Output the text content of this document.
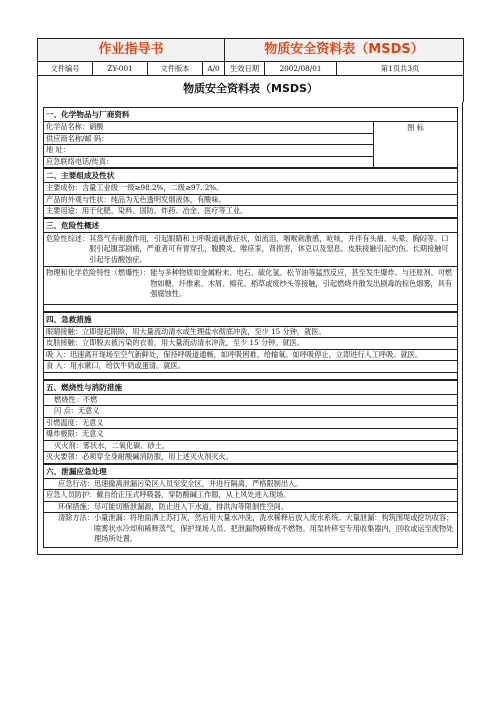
作业指导书				物质安全资料表（MSDS）		
文件编号	ZY-001	文件版本	A/0	生效日期	2002/08/01	第1页共3页
物质安全资料表（MSDS）						
一、化学物品与厂商资料
化学品名称：硝酸
供应商名称/邮 码：
地 址：
应急联络电话/传真：
图 标
二、主要组成及性状
主要成份：含量工业级 一级≥98.2%，二级≥97. 2%。
产品的外观与性状：纯品为无色透明发烟液体，有酸味。
主要用途：用于化肥、染料、国防、炸药、冶金、医疗等工业。
三、危险性概述
危险性综述： 其蒸气有刺激作用，引起眼睛和上呼吸道刺激症状，如流泪，咽喉刺激感，呛咳，并伴有头痛、头晕、胸闷等。口服引起腹部剧痛，严重者可有胃穿孔，腹膜炎，喉痉挛，肾损害，休克以及窒息。皮肤接触引起灼伤。长期接触可引起牙齿酸蚀症。
物理和化学危险特性（燃爆性）： 能与多种物质如金属粉末、电石、硫化氢、松节油等猛烈反应，甚至发生爆炸。与还原剂、可燃物如糖、纤维素、木屑、棉花、稻草或废纱头等接触，引起燃烧并散发出剧毒的棕色烟雾，具有强腐蚀性。
四、急救措施
眼睛接触：立即提起眼睑，用大量流动清水或生理盐水彻底冲洗，至少 15 分钟，就医。
皮肤接触：立即脱去被污染的衣着，用大量流动清水冲洗，至少 15 分钟。就医。
吸 入：迅速离开现场至空气新鲜处，保持呼吸道通畅，如呼吸困难，给输氧。如呼吸停止，立即进行人工呼吸。就医。
食 入：用水漱口，给饮牛奶或蛋清。就医。
五、燃烧性与消防措施
燃烧性：不燃
闪 点：无意义
引燃温度：无意义
爆炸极限：无意义
灭火剂：雾状水，二氧化碳、砂土。
灭火要领：必须穿全身耐酸碱消防服，用上述灭火剂灭火。
六、泄漏应急处理
应急行动：迅速撤离泄漏污染区人员至安全区，并进行隔离，严格限制出入。
应急人员防护：戴自给正压式呼吸器，穿防酸碱工作服，从上风处进入现场。
环保措施：尽可能切断泄漏源，防止进入下水道，排洪沟等限制性空间。
清除方法： 小量泄漏：将地面洒上苏打灰，然后用大量水冲洗，洗水稀释后放入废水系统。大量泄漏：构筑围堤或挖坑收容；喷雾状水冷却和稀释蒸气，保护现场人员、把泄漏物稀释成不燃物。用泵转移至专用收集器内，回收或运至废物处理场所处置。
